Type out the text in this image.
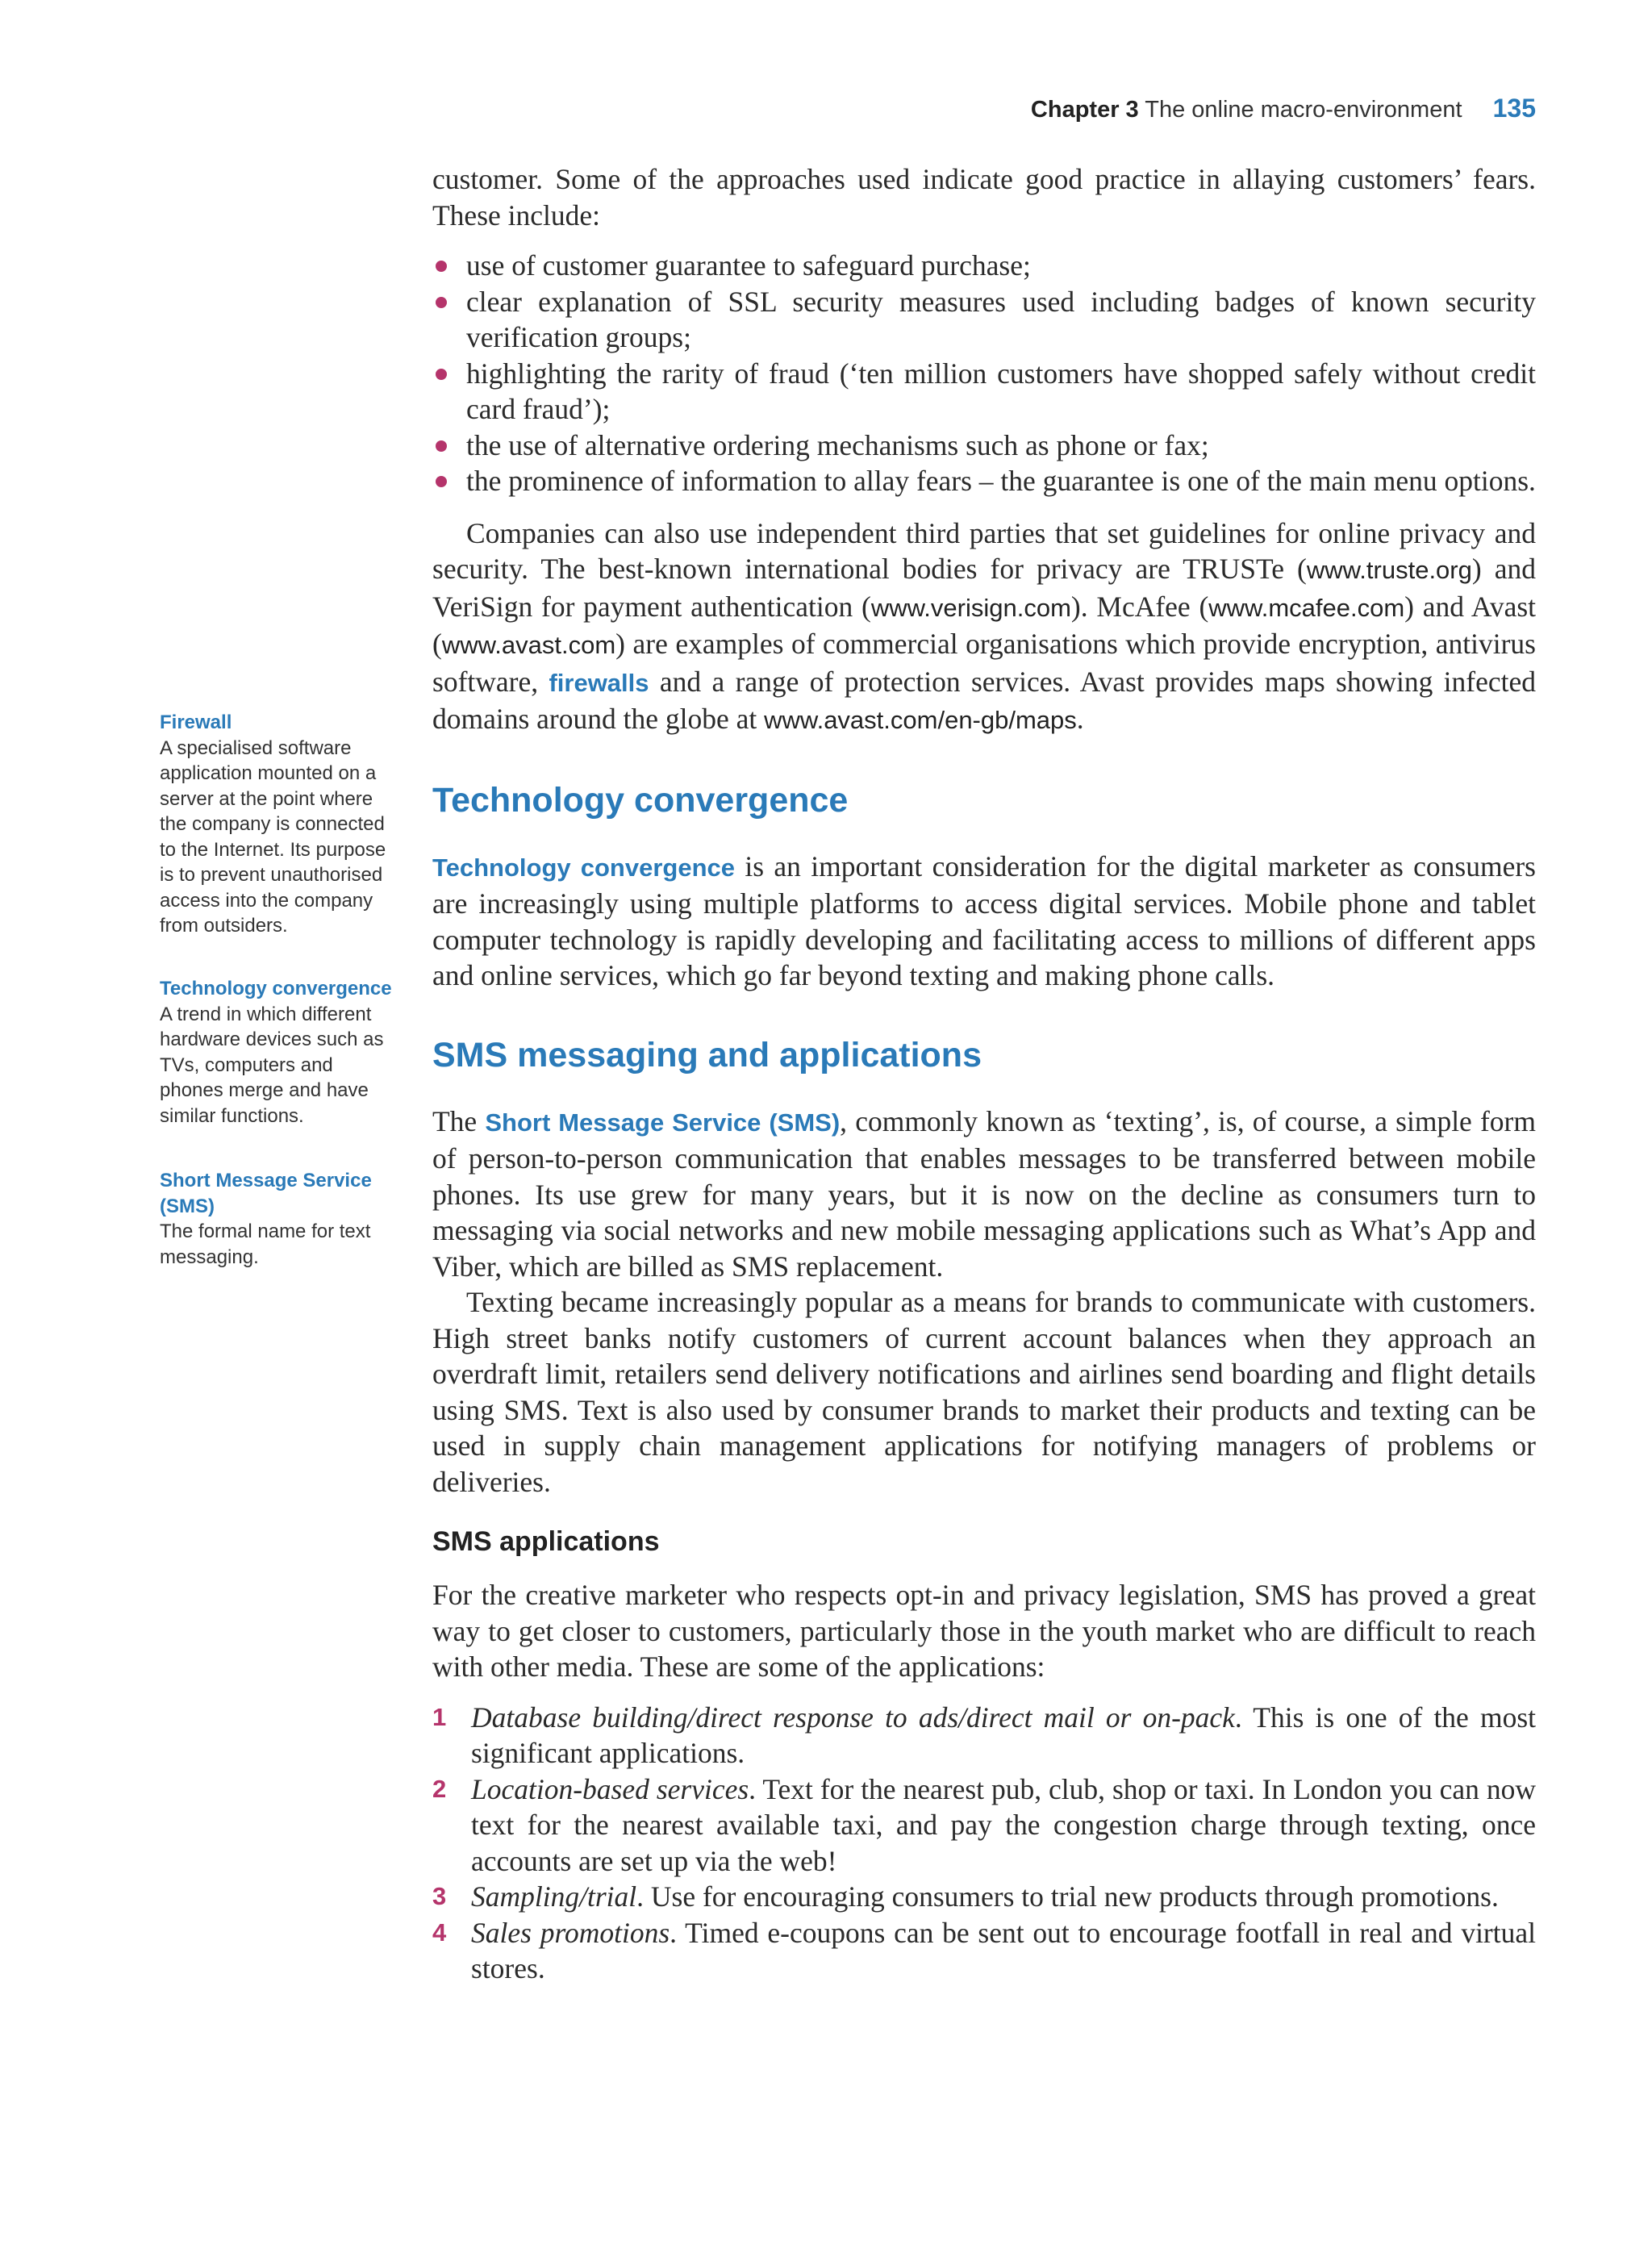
Chapter 3 The online macro-environment 135
Firewall
A specialised software application mounted on a server at the point where the company is connected to the Internet. Its purpose is to prevent unauthorised access into the company from outsiders.
Technology convergence
A trend in which different hardware devices such as TVs, computers and phones merge and have similar functions.
Short Message Service (SMS)
The formal name for text messaging.

customer. Some of the approaches used indicate good practice in allaying customers’ fears. These include:

use of customer guarantee to safeguard purchase;
clear explanation of SSL security measures used including badges of known security verification groups;
highlighting the rarity of fraud (‘ten million customers have shopped safely without credit card fraud’);
the use of alternative ordering mechanisms such as phone or fax;
the prominence of information to allay fears – the guarantee is one of the main menu options.

Companies can also use independent third parties that set guidelines for online privacy and security. The best-known international bodies for privacy are TRUSTe (www.truste.org) and VeriSign for payment authentication (www.verisign.com). McAfee (www.mcafee.com) and Avast (www.avast.com) are examples of commercial organisations which provide encryption, antivirus software, firewalls and a range of protection services. Avast provides maps showing infected domains around the globe at www.avast.com/en-gb/maps.

Technology convergence

Technology convergence is an important consideration for the digital marketer as consumers are increasingly using multiple platforms to access digital services. Mobile phone and tablet computer technology is rapidly developing and facilitating access to millions of different apps and online services, which go far beyond texting and making phone calls.

SMS messaging and applications

The Short Message Service (SMS), commonly known as ‘texting’, is, of course, a simple form of person-to-person communication that enables messages to be transferred between mobile phones. Its use grew for many years, but it is now on the decline as consumers turn to messaging via social networks and new mobile messaging applications such as What’s App and Viber, which are billed as SMS replacement.

Texting became increasingly popular as a means for brands to communicate with customers. High street banks notify customers of current account balances when they approach an overdraft limit, retailers send delivery notifications and airlines send boarding and flight details using SMS. Text is also used by consumer brands to market their products and texting can be used in supply chain management applications for notifying managers of problems or deliveries.

SMS applications

For the creative marketer who respects opt-in and privacy legislation, SMS has proved a great way to get closer to customers, particularly those in the youth market who are difficult to reach with other media. These are some of the applications:

1 Database building/direct response to ads/direct mail or on-pack. This is one of the most significant applications.
2 Location-based services. Text for the nearest pub, club, shop or taxi. In London you can now text for the nearest available taxi, and pay the congestion charge through texting, once accounts are set up via the web!
3 Sampling/trial. Use for encouraging consumers to trial new products through promotions.
4 Sales promotions. Timed e-coupons can be sent out to encourage footfall in real and virtual stores.
